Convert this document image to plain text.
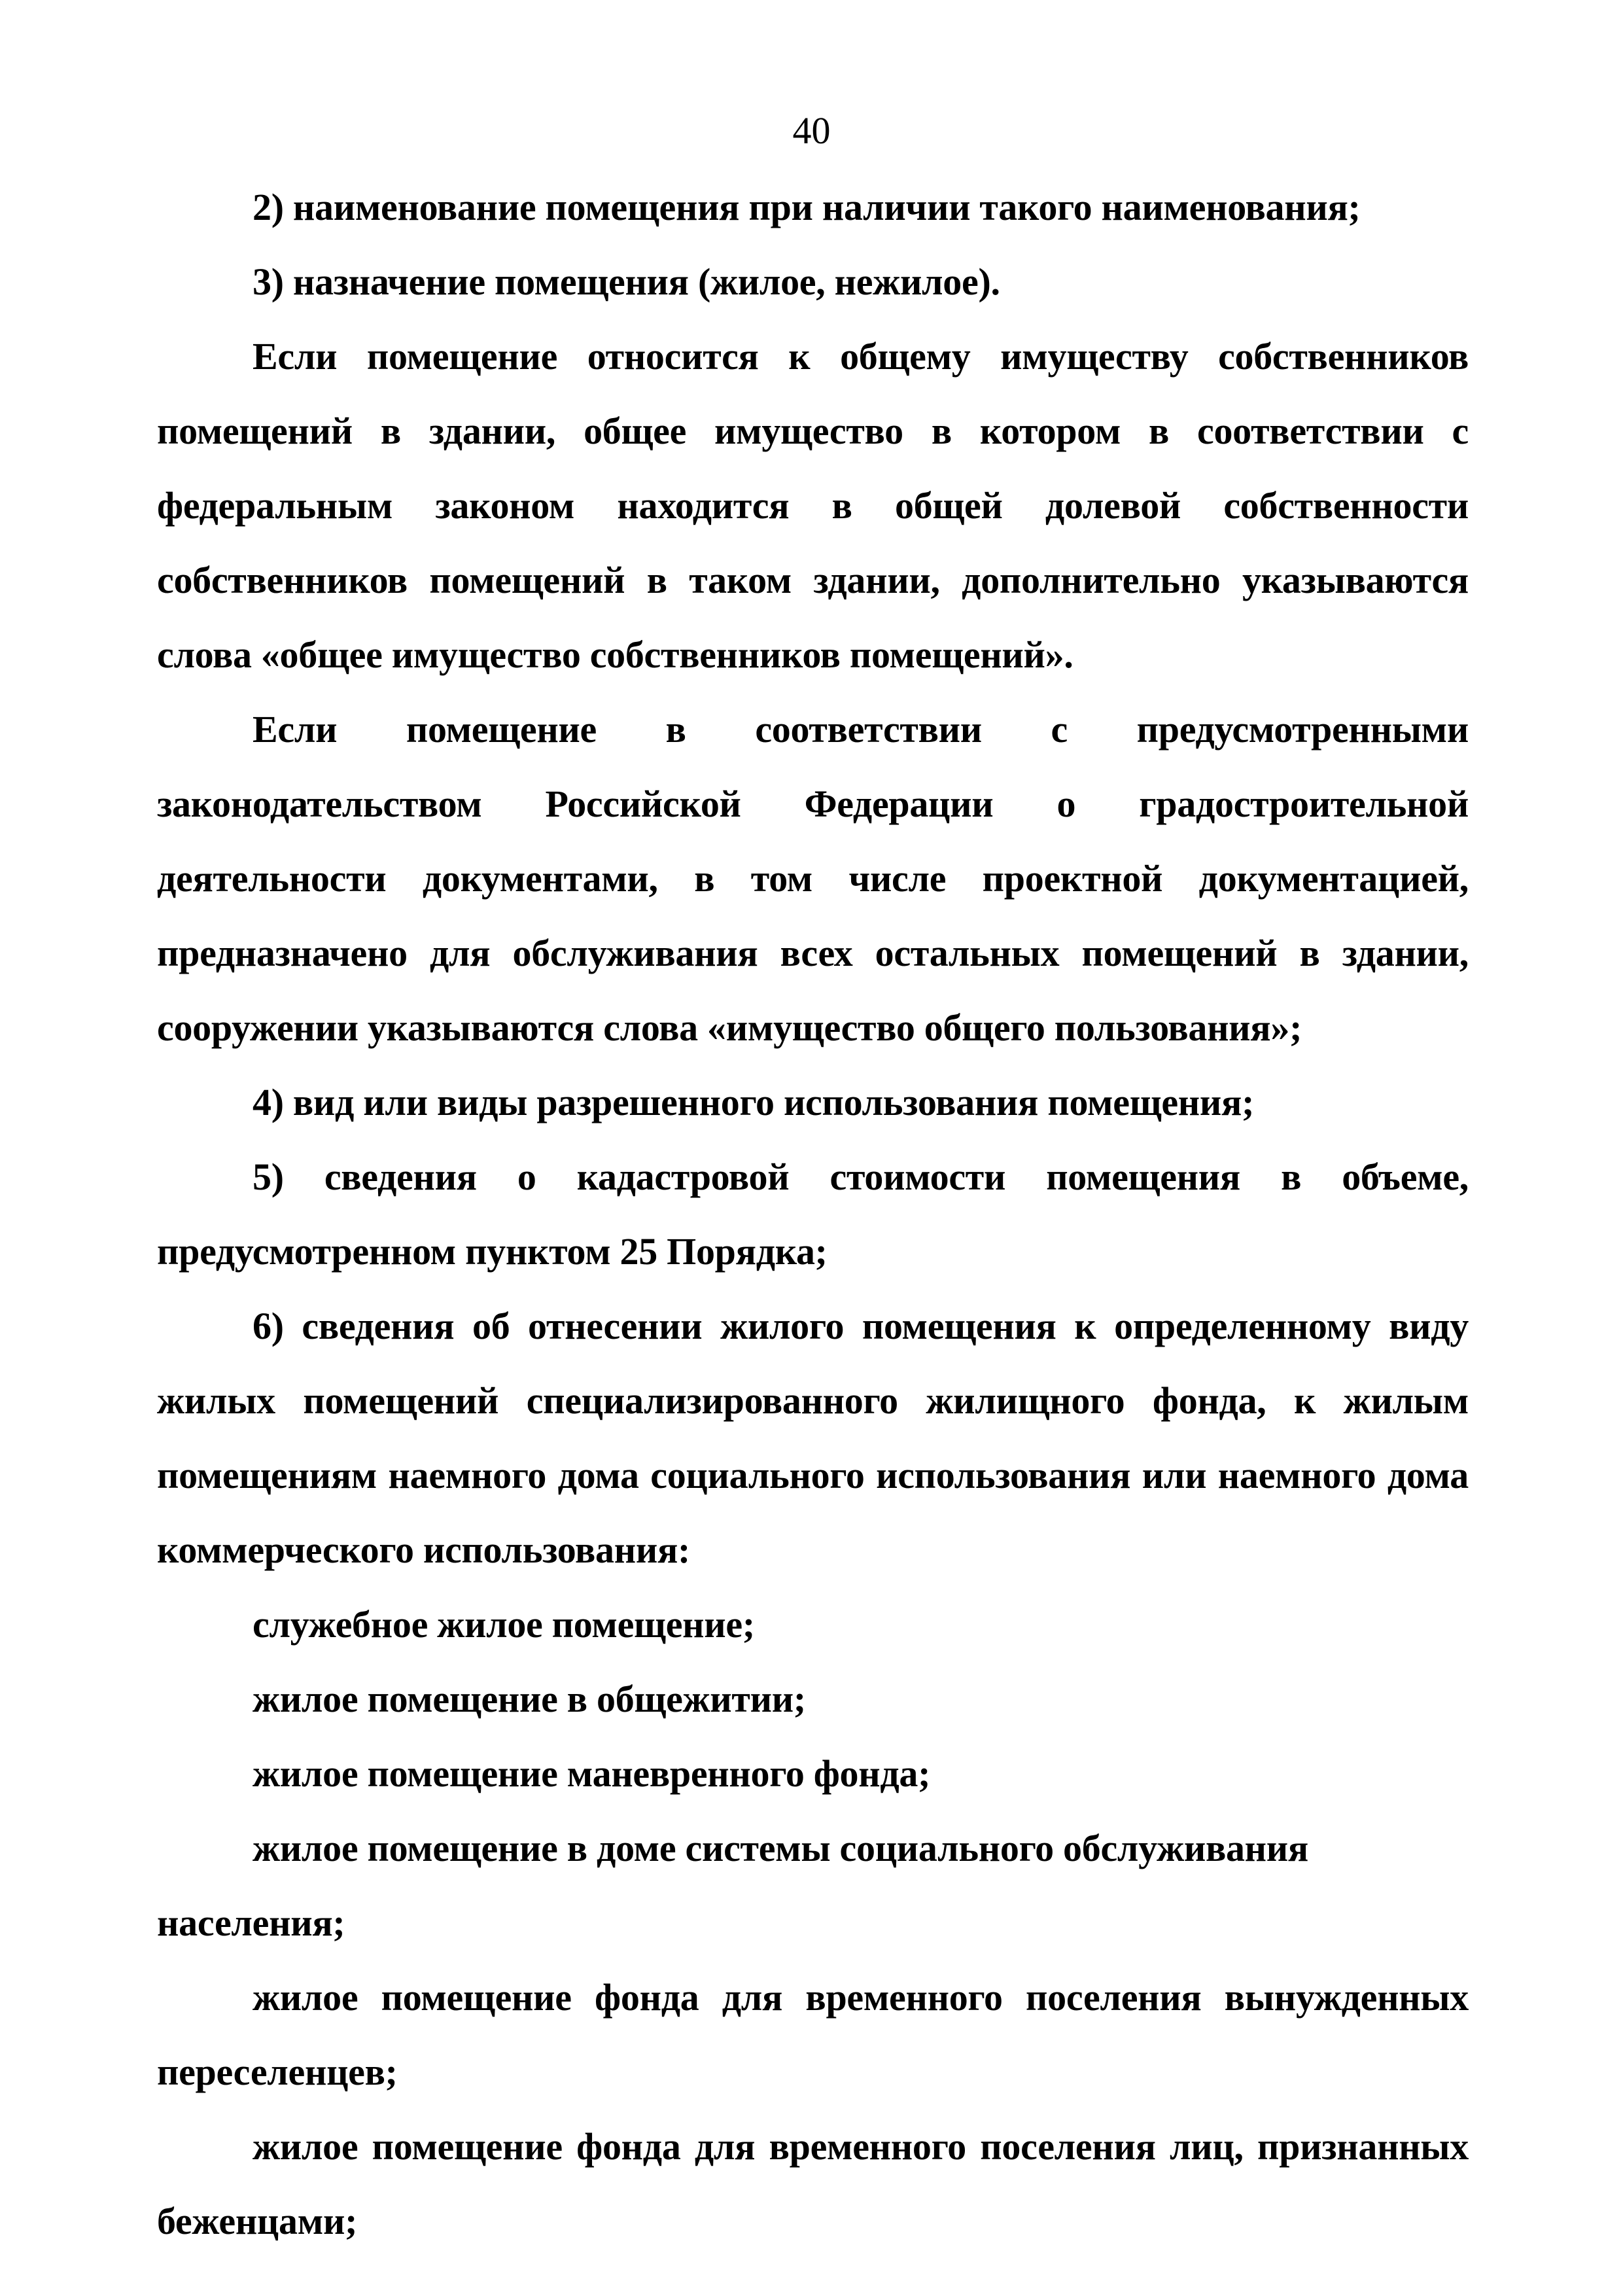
40

2) наименование помещения при наличии такого наименования;

3) назначение помещения (жилое, нежилое).

Если помещение относится к общему имуществу собственников помещений в здании, общее имущество в котором в соответствии с федеральным законом находится в общей долевой собственности собственников помещений в таком здании, дополнительно указываются слова «общее имущество собственников помещений».

Если помещение в соответствии с предусмотренными законодательством Российской Федерации о градостроительной деятельности документами, в том числе проектной документацией, предназначено для обслуживания всех остальных помещений в здании, сооружении указываются слова «имущество общего пользования»;

4) вид или виды разрешенного использования помещения;

5) сведения о кадастровой стоимости помещения в объеме, предусмотренном пунктом 25 Порядка;

6) сведения об отнесении жилого помещения к определенному виду жилых помещений специализированного жилищного фонда, к жилым помещениям наемного дома социального использования или наемного дома коммерческого использования:

служебное жилое помещение;

жилое помещение в общежитии;

жилое помещение маневренного фонда;

жилое помещение в доме системы социального обслуживания населения;

жилое помещение фонда для временного поселения вынужденных переселенцев;

жилое помещение фонда для временного поселения лиц, признанных беженцами;
